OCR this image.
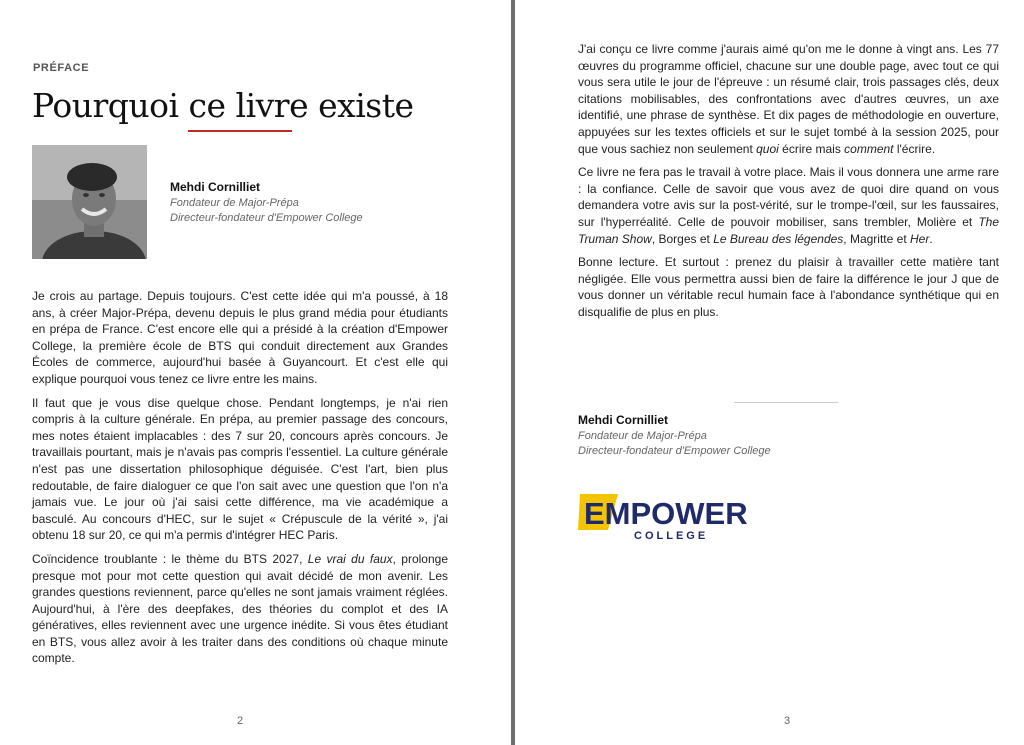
PRÉFACE
Pourquoi ce livre existe
Mehdi Cornilliet
Fondateur de Major-Prépa
Directeur-fondateur d'Empower College

Je crois au partage. Depuis toujours. C'est cette idée qui m'a poussé, à 18 ans, à créer Major-Prépa, devenu depuis le plus grand média pour étudiants en prépa de France. C'est encore elle qui a présidé à la création d'Empower College, la première école de BTS qui conduit directement aux Grandes Écoles de commerce, aujourd'hui basée à Guyancourt. Et c'est elle qui explique pourquoi vous tenez ce livre entre les mains.

Il faut que je vous dise quelque chose. Pendant longtemps, je n'ai rien compris à la culture générale. En prépa, au premier passage des concours, mes notes étaient implacables : des 7 sur 20, concours après concours. Je travaillais pourtant, mais je n'avais pas compris l'essentiel. La culture générale n'est pas une dissertation philosophique déguisée. C'est l'art, bien plus redoutable, de faire dialoguer ce que l'on sait avec une question que l'on n'a jamais vue. Le jour où j'ai saisi cette différence, ma vie académique a basculé. Au concours d'HEC, sur le sujet « Crépuscule de la vérité », j'ai obtenu 18 sur 20, ce qui m'a permis d'intégrer HEC Paris.

Coïncidence troublante : le thème du BTS 2027, Le vrai du faux, prolonge presque mot pour mot cette question qui avait décidé de mon avenir. Les grandes questions reviennent, parce qu'elles ne sont jamais vraiment réglées. Aujourd'hui, à l'ère des deepfakes, des théories du complot et des IA génératives, elles reviennent avec une urgence inédite. Si vous êtes étudiant en BTS, vous allez avoir à les traiter dans des conditions où chaque minute compte.

2

J'ai conçu ce livre comme j'aurais aimé qu'on me le donne à vingt ans. Les 77 œuvres du programme officiel, chacune sur une double page, avec tout ce qui vous sera utile le jour de l'épreuve : un résumé clair, trois passages clés, deux citations mobilisables, des confrontations avec d'autres œuvres, un axe identifié, une phrase de synthèse. Et dix pages de méthodologie en ouverture, appuyées sur les textes officiels et sur le sujet tombé à la session 2025, pour que vous sachiez non seulement quoi écrire mais comment l'écrire.

Ce livre ne fera pas le travail à votre place. Mais il vous donnera une arme rare : la confiance. Celle de savoir que vous avez de quoi dire quand on vous demandera votre avis sur la post-vérité, sur le trompe-l'œil, sur les faussaires, sur l'hyperréalité. Celle de pouvoir mobiliser, sans trembler, Molière et The Truman Show, Borges et Le Bureau des légendes, Magritte et Her.

Bonne lecture. Et surtout : prenez du plaisir à travailler cette matière tant négligée. Elle vous permettra aussi bien de faire la différence le jour J que de vous donner un véritable recul humain face à l'abondance synthétique qui en disqualifie de plus en plus.

Mehdi Cornilliet
Fondateur de Major-Prépa
Directeur-fondateur d'Empower College
EMPOWER
COLLEGE
3
